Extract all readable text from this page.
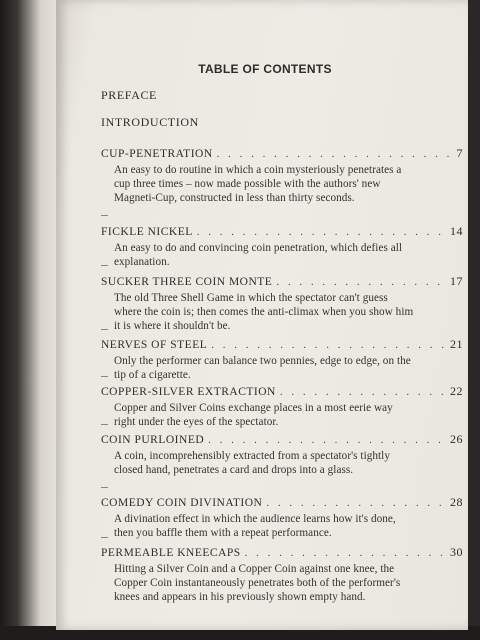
TABLE OF CONTENTS
PREFACE
INTRODUCTION
CUP-PENETRATION . . .	7
An easy to do routine in which a coin mysteriously penetrates a cup three times – now made possible with the authors' new Magneti-Cup, constructed in less than thirty seconds.
FICKLE NICKEL . . .	14
An easy to do and convincing coin penetration, which defies all explanation.
SUCKER THREE COIN MONTE . . .	17
The old Three Shell Game in which the spectator can't guess where the coin is; then comes the anti-climax when you show him it is where it shouldn't be.
NERVES OF STEEL . . .	21
Only the performer can balance two pennies, edge to edge, on the tip of a cigarette.
COPPER-SILVER EXTRACTION . . .	22
Copper and Silver Coins exchange places in a most eerie way right under the eyes of the spectator.
COIN PURLOINED . . .	26
A coin, incomprehensibly extracted from a spectator's tightly closed hand, penetrates a card and drops into a glass.
COMEDY COIN DIVINATION . . .	28
A divination effect in which the audience learns how it's done, then you baffle them with a repeat performance.
PERMEABLE KNEECAPS . . .	30
Hitting a Silver Coin and a Copper Coin against one knee, the Copper Coin instantaneously penetrates both of the performer's knees and appears in his previously shown empty hand.
